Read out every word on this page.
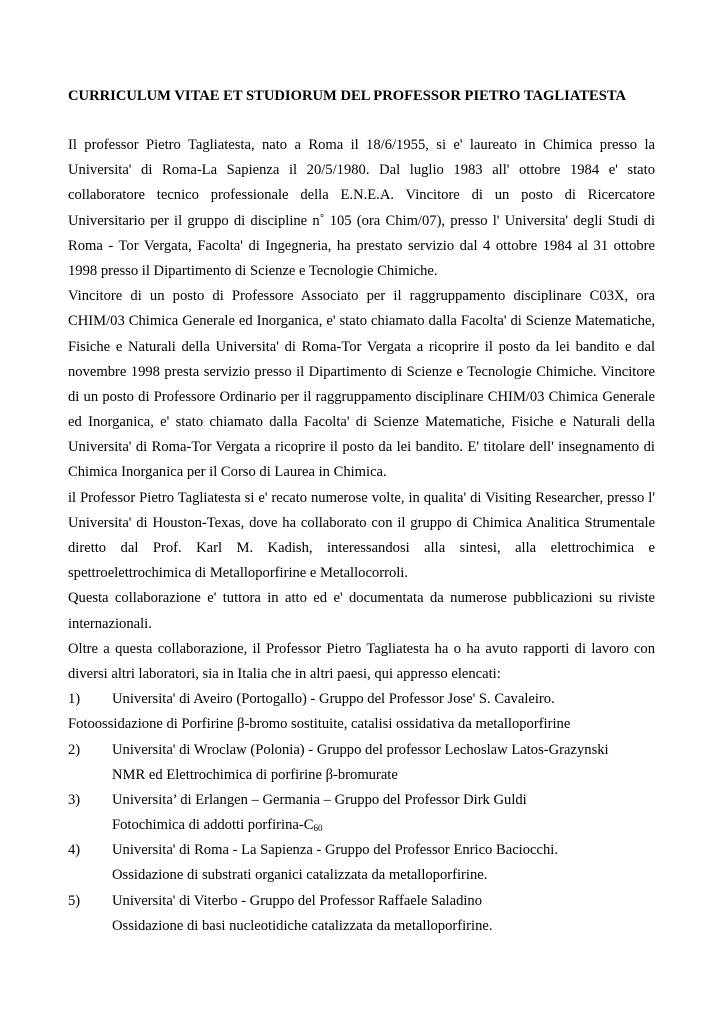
CURRICULUM VITAE ET STUDIORUM DEL PROFESSOR PIETRO TAGLIATESTA
Il professor Pietro Tagliatesta, nato a Roma il 18/6/1955, si e' laureato in Chimica presso la
Universita' di Roma-La Sapienza il 20/5/1980. Dal luglio 1983 all' ottobre 1984 e' stato
collaboratore tecnico professionale della E.N.E.A. Vincitore di un posto di Ricercatore
Universitario per il gruppo di discipline n˚ 105 (ora Chim/07), presso l' Universita' degli Studi di
Roma - Tor Vergata, Facolta' di Ingegneria, ha prestato servizio dal 4 ottobre 1984 al 31 ottobre
1998 presso il Dipartimento di Scienze e Tecnologie Chimiche.
Vincitore di un posto di Professore Associato per il raggruppamento disciplinare C03X, ora
CHIM/03 Chimica Generale ed Inorganica, e' stato chiamato dalla Facolta' di Scienze Matematiche,
Fisiche e Naturali della Universita' di Roma-Tor Vergata a ricoprire il posto da lei bandito e dal
novembre 1998 presta servizio presso il Dipartimento di Scienze e Tecnologie Chimiche. Vincitore
di un posto di Professore Ordinario per il raggruppamento disciplinare CHIM/03 Chimica Generale
ed Inorganica, e' stato chiamato dalla Facolta' di Scienze Matematiche, Fisiche e Naturali della
Universita' di Roma-Tor Vergata a ricoprire il posto da lei bandito. E' titolare dell' insegnamento di
Chimica Inorganica per il Corso di Laurea in Chimica.
il Professor Pietro Tagliatesta si e' recato numerose volte, in qualita' di Visiting Researcher, presso l'
Universita' di Houston-Texas, dove ha collaborato con il gruppo di Chimica Analitica Strumentale
diretto dal Prof. Karl M. Kadish, interessandosi alla sintesi, alla elettrochimica e
spettroelettrochimica di Metalloporfirine e Metallocorroli.
Questa collaborazione e' tuttora in atto ed e' documentata da numerose pubblicazioni su riviste
internazionali.
Oltre a questa collaborazione, il Professor Pietro Tagliatesta ha o ha avuto rapporti di lavoro con
diversi altri laboratori, sia in Italia che in altri paesi, qui appresso elencati:
1)	Universita' di Aveiro (Portogallo) - Gruppo del Professor Jose' S. Cavaleiro.
Fotoossidazione di Porfirine β-bromo sostituite, catalisi ossidativa da metalloporfirine
2)	Universita' di Wroclaw (Polonia) - Gruppo del professor Lechoslaw Latos-Grazynski
NMR ed Elettrochimica di porfirine β-bromurate
3)	Universita’ di Erlangen – Germania – Gruppo del Professor Dirk Guldi
Fotochimica di addotti porfirina-$C_{60}$
4)	Universita' di Roma - La Sapienza - Gruppo del Professor Enrico Baciocchi.
Ossidazione di substrati organici catalizzata da metalloporfirine.
5)	Universita' di Viterbo - Gruppo del Professor Raffaele Saladino
Ossidazione di basi nucleotidiche catalizzata da metalloporfirine.
